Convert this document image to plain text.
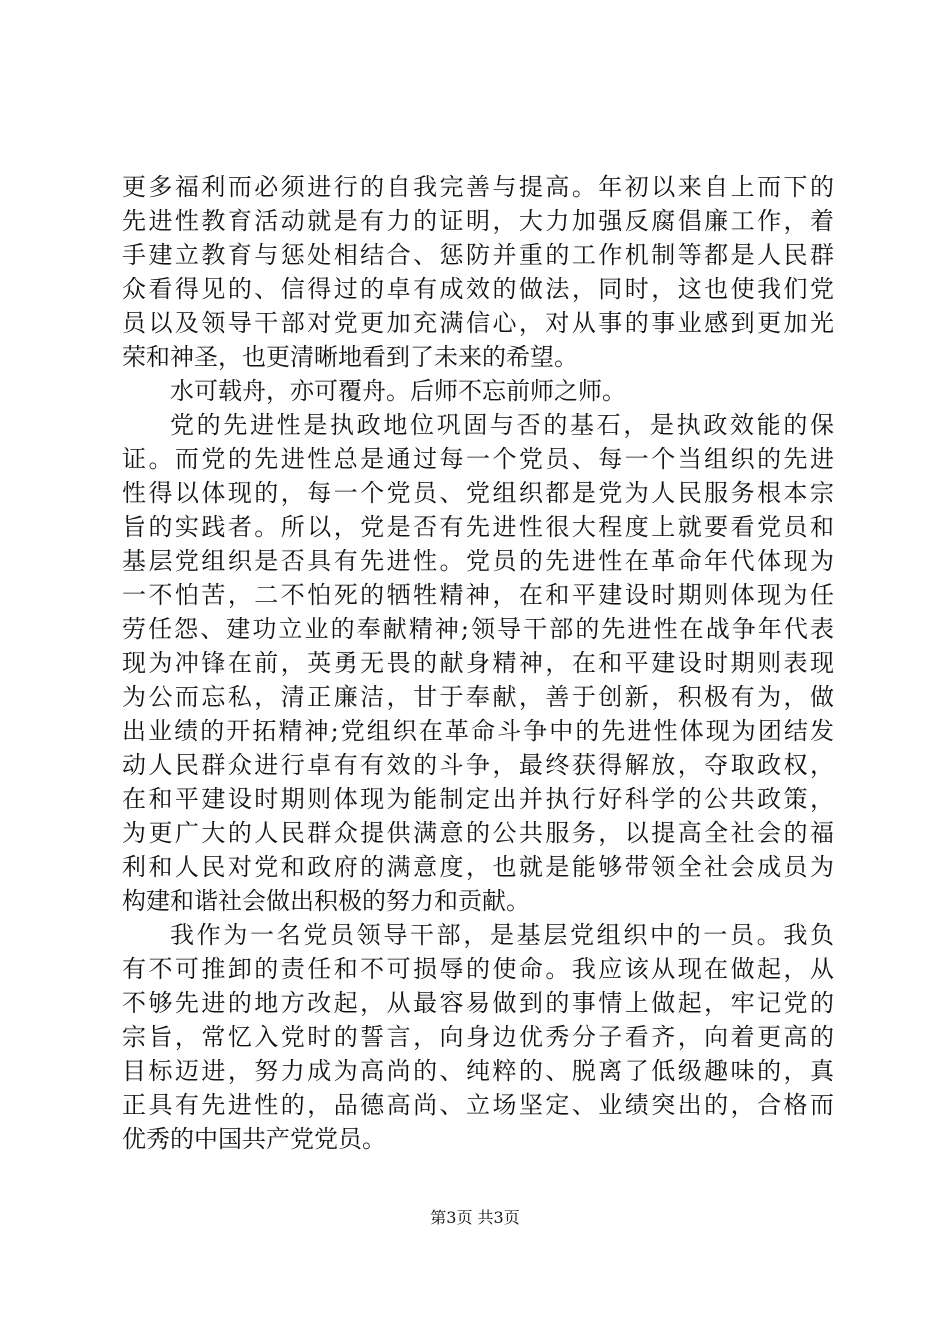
更多福利而必须进行的自我完善与提高。年初以来自上而下的
先进性教育活动就是有力的证明，大力加强反腐倡廉工作，着
手建立教育与惩处相结合、惩防并重的工作机制等都是人民群
众看得见的、信得过的卓有成效的做法，同时，这也使我们党
员以及领导干部对党更加充满信心，对从事的事业感到更加光
荣和神圣，也更清晰地看到了未来的希望。
水可载舟，亦可覆舟。后师不忘前师之师。
党的先进性是执政地位巩固与否的基石，是执政效能的保
证。而党的先进性总是通过每一个党员、每一个当组织的先进
性得以体现的，每一个党员、党组织都是党为人民服务根本宗
旨的实践者。所以，党是否有先进性很大程度上就要看党员和
基层党组织是否具有先进性。党员的先进性在革命年代体现为
一不怕苦，二不怕死的牺牲精神，在和平建设时期则体现为任
劳任怨、建功立业的奉献精神;领导干部的先进性在战争年代表
现为冲锋在前，英勇无畏的献身精神，在和平建设时期则表现
为公而忘私，清正廉洁，甘于奉献，善于创新，积极有为，做
出业绩的开拓精神;党组织在革命斗争中的先进性体现为团结发
动人民群众进行卓有有效的斗争，最终获得解放，夺取政权，
在和平建设时期则体现为能制定出并执行好科学的公共政策，
为更广大的人民群众提供满意的公共服务，以提高全社会的福
利和人民对党和政府的满意度，也就是能够带领全社会成员为
构建和谐社会做出积极的努力和贡献。
我作为一名党员领导干部，是基层党组织中的一员。我负
有不可推卸的责任和不可损辱的使命。我应该从现在做起，从
不够先进的地方改起，从最容易做到的事情上做起，牢记党的
宗旨，常忆入党时的誓言，向身边优秀分子看齐，向着更高的
目标迈进，努力成为高尚的、纯粹的、脱离了低级趣味的，真
正具有先进性的，品德高尚、立场坚定、业绩突出的，合格而
优秀的中国共产党党员。
第3页 共3页
